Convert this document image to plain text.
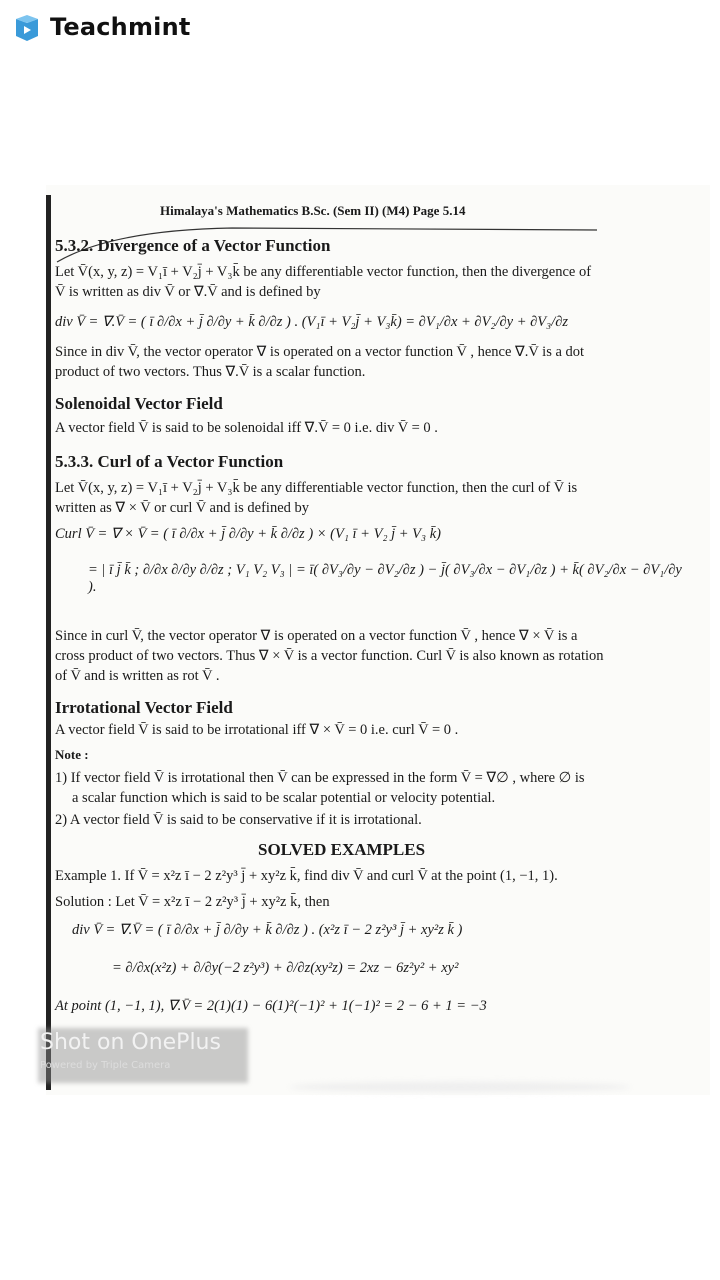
Teachmint
Himalaya's Mathematics B.Sc. (Sem II) (M4) Page 5.14
5.3.2. Divergence of a Vector Function
Let V̄(x, y, z) = V₁ī + V₂j̄ + V₃k̄ be any differentiable vector function, then the divergence of
V̄ is written as div V̄ or ∇.V̄ and is defined by
div V̄ = ∇.V̄ = ( ī ∂/∂x + j̄ ∂/∂y + k̄ ∂/∂z ) . (V₁ī + V₂j̄ + V₃k̄) = ∂V₁/∂x + ∂V₂/∂y + ∂V₃/∂z
Since in div V̄, the vector operator ∇ is operated on a vector function V̄ , hence ∇.V̄ is a dot
product of two vectors. Thus ∇.V̄ is a scalar function.
Solenoidal Vector Field
A vector field V̄ is said to be solenoidal iff ∇.V̄ = 0 i.e. div V̄ = 0 .
5.3.3. Curl of a Vector Function
Let V̄(x, y, z) = V₁ī + V₂j̄ + V₃k̄ be any differentiable vector function, then the curl of V̄ is
written as ∇ × V̄ or curl V̄ and is defined by
Curl V̄ = ∇ × V̄ = ( ī ∂/∂x + j̄ ∂/∂y + k̄ ∂/∂z ) × (V₁ ī + V₂ j̄ + V₃ k̄)
= | ī j̄ k̄ ; ∂/∂x ∂/∂y ∂/∂z ; V₁ V₂ V₃ | = ī( ∂V₃/∂y − ∂V₂/∂z ) − j̄( ∂V₃/∂x − ∂V₁/∂z ) + k̄( ∂V₂/∂x − ∂V₁/∂y ).
Since in curl V̄, the vector operator ∇ is operated on a vector function V̄ , hence ∇ × V̄ is a
cross product of two vectors. Thus ∇ × V̄ is a vector function. Curl V̄ is also known as rotation
of V̄ and is written as rot V̄ .
Irrotational Vector Field
A vector field V̄ is said to be irrotational iff ∇ × V̄ = 0 i.e. curl V̄ = 0 .
Note :
1) If vector field V̄ is irrotational then V̄ can be expressed in the form V̄ = ∇∅ , where ∅ is
a scalar function which is said to be scalar potential or velocity potential.
2) A vector field V̄ is said to be conservative if it is irrotational.
SOLVED EXAMPLES
Example 1. If V̄ = x²z ī − 2 z²y³ j̄ + xy²z k̄, find div V̄ and curl V̄ at the point (1, −1, 1).
Solution : Let V̄ = x²z ī − 2 z²y³ j̄ + xy²z k̄, then
div V̄ = ∇.V̄ = ( ī ∂/∂x + j̄ ∂/∂y + k̄ ∂/∂z ) . (x²z ī − 2 z²y³ j̄ + xy²z k̄ )
= ∂/∂x(x²z) + ∂/∂y(−2 z²y³) + ∂/∂z(xy²z) = 2xz − 6z²y² + xy²
At point (1, −1, 1), ∇.V̄ = 2(1)(1) − 6(1)²(−1)² + 1(−1)² = 2 − 6 + 1 = −3
Shot on OnePlus
Powered by Triple Camera
